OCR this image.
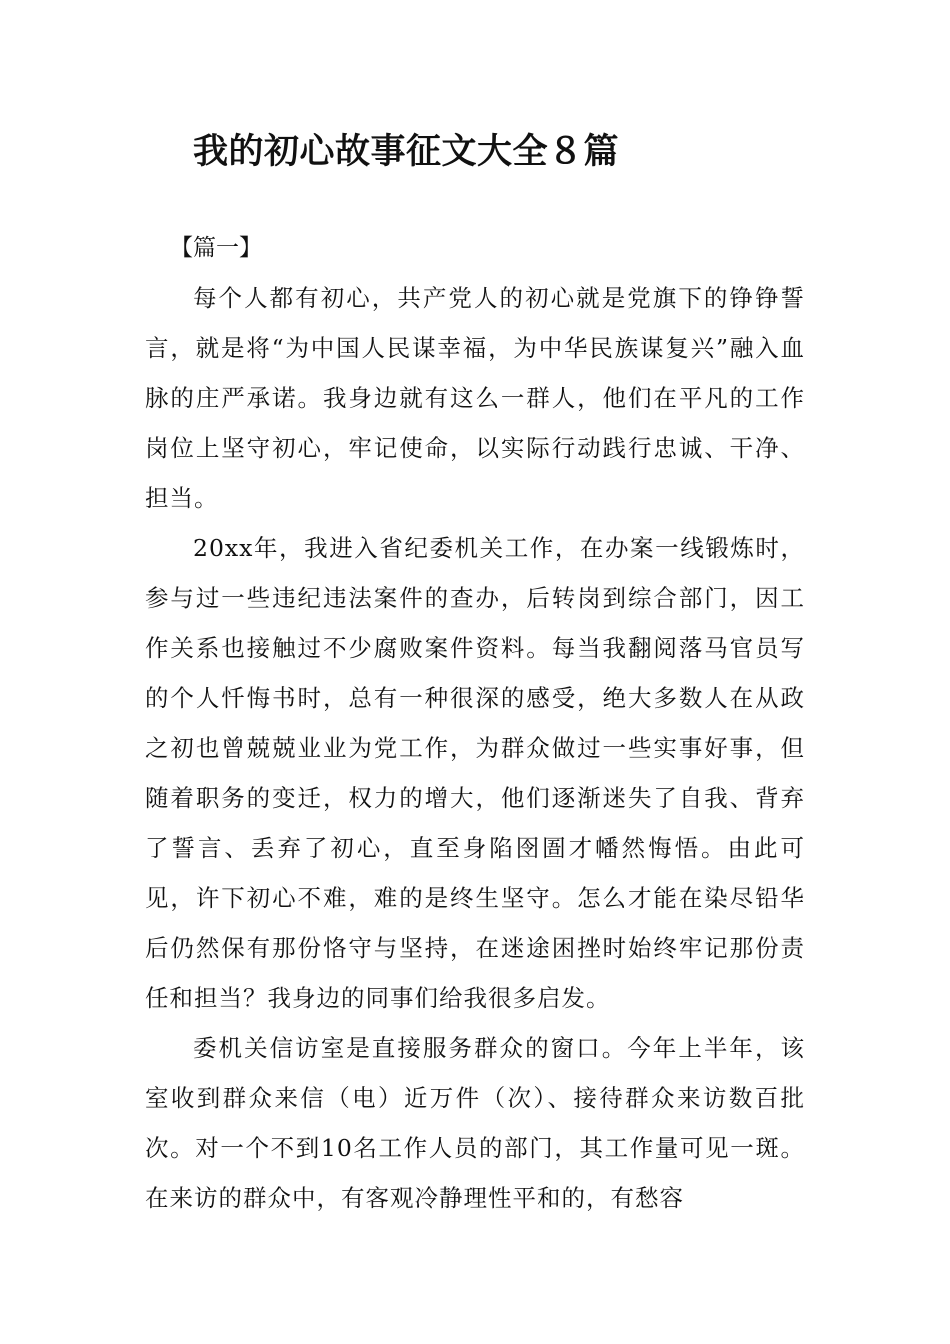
我的初心故事征文大全８篇
【篇一】

每个人都有初心，共产党人的初心就是党旗下的铮铮誓言，就是将“为中国人民谋幸福，为中华民族谋复兴”融入血脉的庄严承诺。我身边就有这么一群人，他们在平凡的工作岗位上坚守初心，牢记使命，以实际行动践行忠诚、干净、担当。

20xx年，我进入省纪委机关工作，在办案一线锻炼时，参与过一些违纪违法案件的查办，后转岗到综合部门，因工作关系也接触过不少腐败案件资料。每当我翻阅落马官员写的个人忏悔书时，总有一种很深的感受，绝大多数人在从政之初也曾兢兢业业为党工作，为群众做过一些实事好事，但随着职务的变迁，权力的增大，他们逐渐迷失了自我、背弃了誓言、丢弃了初心，直至身陷囹圄才幡然悔悟。由此可见，许下初心不难，难的是终生坚守。怎么才能在染尽铅华后仍然保有那份恪守与坚持，在迷途困挫时始终牢记那份责任和担当？我身边的同事们给我很多启发。

委机关信访室是直接服务群众的窗口。今年上半年，该室收到群众来信（电）近万件（次）、接待群众来访数百批次。对一个不到10名工作人员的部门，其工作量可见一斑。在来访的群众中，有客观冷静理性平和的，有愁容
